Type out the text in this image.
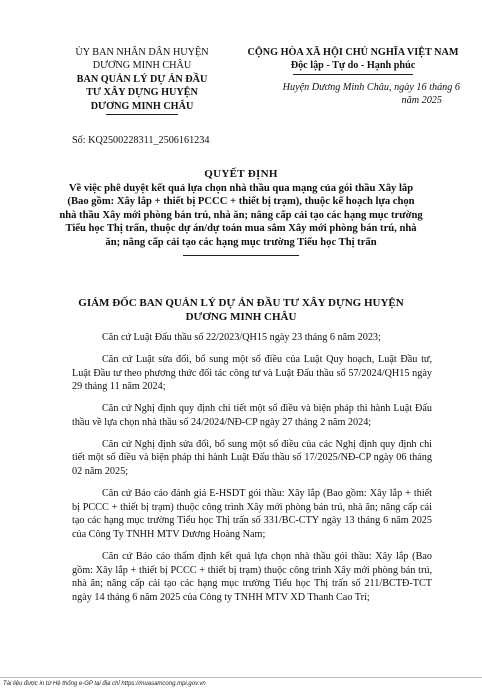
ỦY BAN NHÂN DÂN HUYỆN
DƯƠNG MINH CHÂU
BAN QUẢN LÝ DỰ ÁN ĐẦU
TƯ XÂY DỰNG HUYỆN
DƯƠNG MINH CHÂU
CỘNG HÒA XÃ HỘI CHỦ NGHĨA VIỆT NAM
Độc lập - Tự do - Hạnh phúc
Huyện Dương Minh Châu, ngày 16 tháng 6
năm 2025
Số: KQ2500228311_2506161234
QUYẾT ĐỊNH
Về việc phê duyệt kết quả lựa chọn nhà thầu qua mạng của gói thầu Xây lắp (Bao gồm: Xây lắp + thiết bị PCCC + thiết bị trạm), thuộc kế hoạch lựa chọn nhà thầu Xây mới phòng bán trú, nhà ăn; nâng cấp cải tạo các hạng mục trường Tiểu học Thị trấn, thuộc dự án/dự toán mua sắm Xây mới phòng bán trú, nhà ăn; nâng cấp cải tạo các hạng mục trường Tiểu học Thị trấn
GIÁM ĐỐC BAN QUẢN LÝ DỰ ÁN ĐẦU TƯ XÂY DỰNG HUYỆN
DƯƠNG MINH CHÂU

Căn cứ Luật Đấu thầu số 22/2023/QH15 ngày 23 tháng 6 năm 2023;

Căn cứ Luật sửa đổi, bổ sung một số điều của Luật Quy hoạch, Luật Đầu tư, Luật Đầu tư theo phương thức đối tác công tư và Luật Đấu thầu số 57/2024/QH15 ngày 29 tháng 11 năm 2024;

Căn cứ Nghị định quy định chi tiết một số điều và biện pháp thi hành Luật Đấu thầu về lựa chọn nhà thầu số 24/2024/NĐ-CP ngày 27 tháng 2 năm 2024;

Căn cứ Nghị định sửa đổi, bổ sung một số điều của các Nghị định quy định chi tiết một số điều và biện pháp thi hành Luật Đấu thầu số 17/2025/NĐ-CP ngày 06 tháng 02 năm 2025;

Căn cứ Báo cáo đánh giá E-HSDT gói thầu: Xây lắp (Bao gồm: Xây lắp + thiết bị PCCC + thiết bị trạm) thuộc công trình Xây mới phòng bán trú, nhà ăn; nâng cấp cải tạo các hạng mục trường Tiểu học Thị trấn số 331/BC-CTY ngày 13 tháng 6 năm 2025 của Công Ty TNHH MTV Dương Hoàng Nam;

Căn cứ Báo cáo thẩm định kết quả lựa chọn nhà thầu gói thầu: Xây lắp (Bao gồm: Xây lắp + thiết bị PCCC + thiết bị trạm) thuộc công trình Xây mới phòng bán trú, nhà ăn; nâng cấp cải tạo các hạng mục trường Tiểu học Thị trấn số 211/BCTĐ-TCT ngày 14 tháng 6 năm 2025 của Công ty TNHH MTV XD Thanh Cao Trí;

Tài liệu được in từ Hệ thống e-GP tại địa chỉ https://muasamcong.mpi.gov.vn
